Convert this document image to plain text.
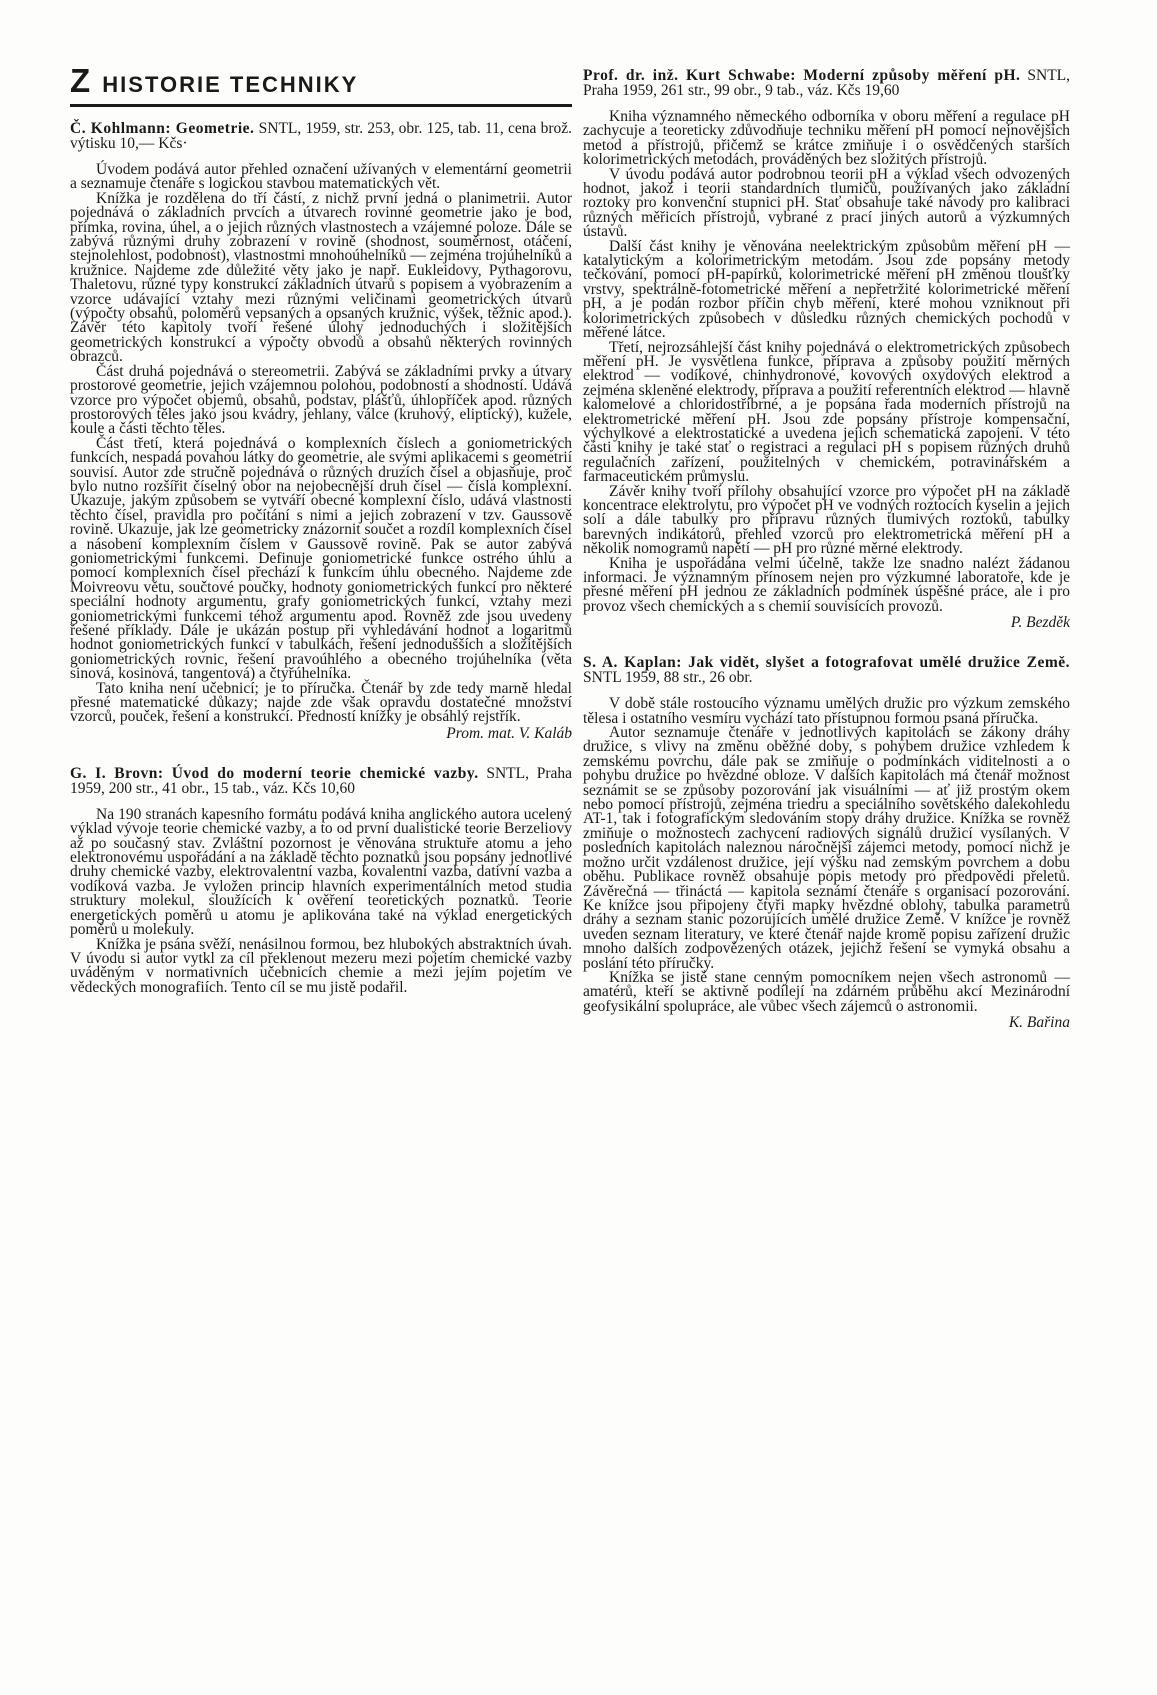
Z HISTORIE TECHNIKY
Č. Kohlmann: Geometrie. SNTL, 1959, str. 253, obr. 125, tab. 11, cena brož. výtisku 10,— Kčs·

Úvodem podává autor přehled označení užívaných v elementární geometrii a seznamuje čtenáře s logickou stavbou matematických vět.

Knížka je rozdělena do tří částí, z nichž první jedná o planimetrii. Autor pojednává o základních prvcích a útvarech rovinné geometrie jako je bod, přímka, rovina, úhel, a o jejich různých vlastnostech a vzájemné poloze. Dále se zabývá různými druhy zobrazení v rovině (shodnost, souměrnost, otáčení, stejnolehlost, podobnost), vlastnostmi mnohoúhelníků — zejména trojúhelníků a kružnice. Najdeme zde důležité věty jako je např. Eukleidovy, Pythagorovu, Thaletovu, různé typy konstrukcí základních útvarů s popisem a vyobrazením a vzorce udávající vztahy mezi různými veličinami geometrických útvarů (výpočty obsahů, poloměrů vepsaných a opsaných kružnic, výšek, těžnic apod.). Závěr této kapitoly tvoří řešené úlohy jednoduchých i složitějších geometrických konstrukcí a výpočty obvodů a obsahů některých rovinných obrazců.

Část druhá pojednává o stereometrii. Zabývá se základními prvky a útvary prostorové geometrie, jejich vzájemnou polohou, podobností a shodností. Udává vzorce pro výpočet objemů, obsahů, podstav, plášťů, úhlopříček apod. různých prostorových těles jako jsou kvádry, jehlany, válce (kruhový, eliptický), kužele, koule a části těchto těles.

Část třetí, která pojednává o komplexních číslech a goniometrických funkcích, nespadá povahou látky do geometrie, ale svými aplikacemi s geometrií souvisí. Autor zde stručně pojednává o různých druzích čísel a objasňuje, proč bylo nutno rozšířit číselný obor na nejobecnější druh čísel — čísla komplexní. Ukazuje, jakým způsobem se vytváří obecné komplexní číslo, udává vlastnosti těchto čísel, pravidla pro počítání s nimi a jejich zobrazení v tzv. Gaussově rovině. Ukazuje, jak lze geometricky znázornit součet a rozdíl komplexních čísel a násobení komplexním číslem v Gaussově rovině. Pak se autor zabývá goniometrickými funkcemi. Definuje goniometrické funkce ostrého úhlu a pomocí komplexních čísel přechází k funkcím úhlu obecného. Najdeme zde Moivreovu větu, součtové poučky, hodnoty goniometrických funkcí pro některé speciální hodnoty argumentu, grafy goniometrických funkcí, vztahy mezi goniometrickými funkcemi téhož argumentu apod. Rovněž zde jsou uvedeny řešené příklady. Dále je ukázán postup při vyhledávání hodnot a logaritmů hodnot goniometrických funkcí v tabulkách, řešení jednodušších a složitějších goniometrických rovnic, řešení pravoúhlého a obecného trojúhelníka (věta sinová, kosinová, tangentová) a čtyřúhelníka.

Tato kniha není učebnicí; je to příručka. Čtenář by zde tedy marně hledal přesné matematické důkazy; najde zde však opravdu dostatečné množství vzorců, pouček, řešení a konstrukcí. Předností knížky je obsáhlý rejstřík.

Prom. mat. V. Kaláb
G. I. Brovn: Úvod do moderní teorie chemické vazby. SNTL, Praha 1959, 200 str., 41 obr., 15 tab., váz. Kčs 10,60

Na 190 stranách kapesního formátu podává kniha anglického autora ucelený výklad vývoje teorie chemické vazby, a to od první dualistické teorie Berzeliovy až po současný stav. Zvláštní pozornost je věnována struktuře atomu a jeho elektronovému uspořádání a na základě těchto poznatků jsou popsány jednotlivé druhy chemické vazby, elektrovalentní vazba, kovalentní vazba, dativní vazba a vodíková vazba. Je vyložen princip hlavních experimentálních metod studia struktury molekul, sloužících k ověření teoretických poznatků. Teorie energetických poměrů u atomu je aplikována také na výklad energetických poměrů u molekuly.

Knížka je psána svěží, nenásilnou formou, bez hlubokých abstraktních úvah. V úvodu si autor vytkl za cíl překlenout mezeru mezi pojetím chemické vazby uváděným v normativních učebnicích chemie a mezi jejím pojetím ve vědeckých monografiích. Tento cíl se mu jistě podařil.

Prof. dr. inž. Kurt Schwabe: Moderní způsoby měření pH. SNTL, Praha 1959, 261 str., 99 obr., 9 tab., váz. Kčs 19,60

Kniha významného německého odborníka v oboru měření a regulace pH zachycuje a teoreticky zdůvodňuje techniku měření pH pomocí nejnovějších metod a přístrojů, přičemž se krátce zmiňuje i o osvědčených starších kolorimetrických metodách, prováděných bez složitých přístrojů.

V úvodu podává autor podrobnou teorii pH a výklad všech odvozených hodnot, jakož i teorii standardních tlumičů, používaných jako základní roztoky pro konvenční stupnici pH. Stať obsahuje také návody pro kalibraci různých měřicích přístrojů, vybrané z prací jiných autorů a výzkumných ústavů.

Další část knihy je věnována neelektrickým způsobům měření pH — katalytickým a kolorimetrickým metodám. Jsou zde popsány metody tečkování, pomocí pH-papírků, kolorimetrické měření pH změnou tloušťky vrstvy, spektrálně-fotometrické měření a nepřetržité kolorimetrické měření pH, a je podán rozbor příčin chyb měření, které mohou vzniknout při kolorimetrických způsobech v důsledku různých chemických pochodů v měřené látce.

Třetí, nejrozsáhlejší část knihy pojednává o elektrometrických způsobech měření pH. Je vysvětlena funkce, příprava a způsoby použití měrných elektrod — vodíkové, chinhydronové, kovových oxydových elektrod a zejména skleněné elektrody, příprava a použití referentních elektrod — hlavně kalomelové a chloridostříbrné, a je popsána řada moderních přístrojů na elektrometrické měření pH. Jsou zde popsány přístroje kompensační, výchylkové a elektrostatické a uvedena jejich schematická zapojení. V této části knihy je také stať o registraci a regulaci pH s popisem různých druhů regulačních zařízení, použitelných v chemickém, potravinářském a farmaceutickém průmyslu.

Závěr knihy tvoří přílohy obsahující vzorce pro výpočet pH na základě koncentrace elektrolytu, pro výpočet pH ve vodných roztocích kyselin a jejich solí a dále tabulky pro přípravu různých tlumivých roztoků, tabulky barevných indikátorů, přehled vzorců pro elektrometrická měření pH a několik nomogramů napětí — pH pro různé měrné elektrody.

Kniha je uspořádána velmi účelně, takže lze snadno nalézt žádanou informaci. Je významným přínosem nejen pro výzkumné laboratoře, kde je přesné měření pH jednou ze základních podmínek úspěšné práce, ale i pro provoz všech chemických a s chemií souvisících provozů.

P. Bezděk
S. A. Kaplan: Jak vidět, slyšet a fotografovat umělé družice Země. SNTL 1959, 88 str., 26 obr.

V době stále rostoucího významu umělých družic pro výzkum zemského tělesa i ostatního vesmíru vychází tato přístupnou formou psaná příručka.

Autor seznamuje čtenáře v jednotlivých kapitolách se zákony dráhy družice, s vlivy na změnu oběžné doby, s pohybem družice vzhledem k zemskému povrchu, dále pak se zmiňuje o podmínkách viditelnosti a o pohybu družice po hvězdné obloze. V dalších kapitolách má čtenář možnost seznámit se se způsoby pozorování jak visuálními — ať již prostým okem nebo pomocí přístrojů, zejména triedru a speciálního sovětského dalekohledu AT-1, tak i fotografickým sledováním stopy dráhy družice. Knížka se rovněž zmiňuje o možnostech zachycení radiových signálů družicí vysílaných. V posledních kapitolách naleznou náročnější zájemci metody, pomocí nichž je možno určit vzdálenost družice, její výšku nad zemským povrchem a dobu oběhu. Publikace rovněž obsahuje popis metody pro předpovědi přeletů. Závěrečná — třináctá — kapitola seznámí čtenáře s organisací pozorování. Ke knížce jsou připojeny čtyři mapky hvězdné oblohy, tabulka parametrů dráhy a seznam stanic pozorujících umělé družice Země. V knížce je rovněž uveden seznam literatury, ve které čtenář najde kromě popisu zařízení družic mnoho dalších zodpovězených otázek, jejichž řešení se vymyká obsahu a poslání této příručky.

Knížka se jistě stane cenným pomocníkem nejen všech astronomů — amatérů, kteří se aktivně podílejí na zdárném průběhu akcí Mezinárodní geofysikální spolupráce, ale vůbec všech zájemců o astronomii.

K. Bařina
